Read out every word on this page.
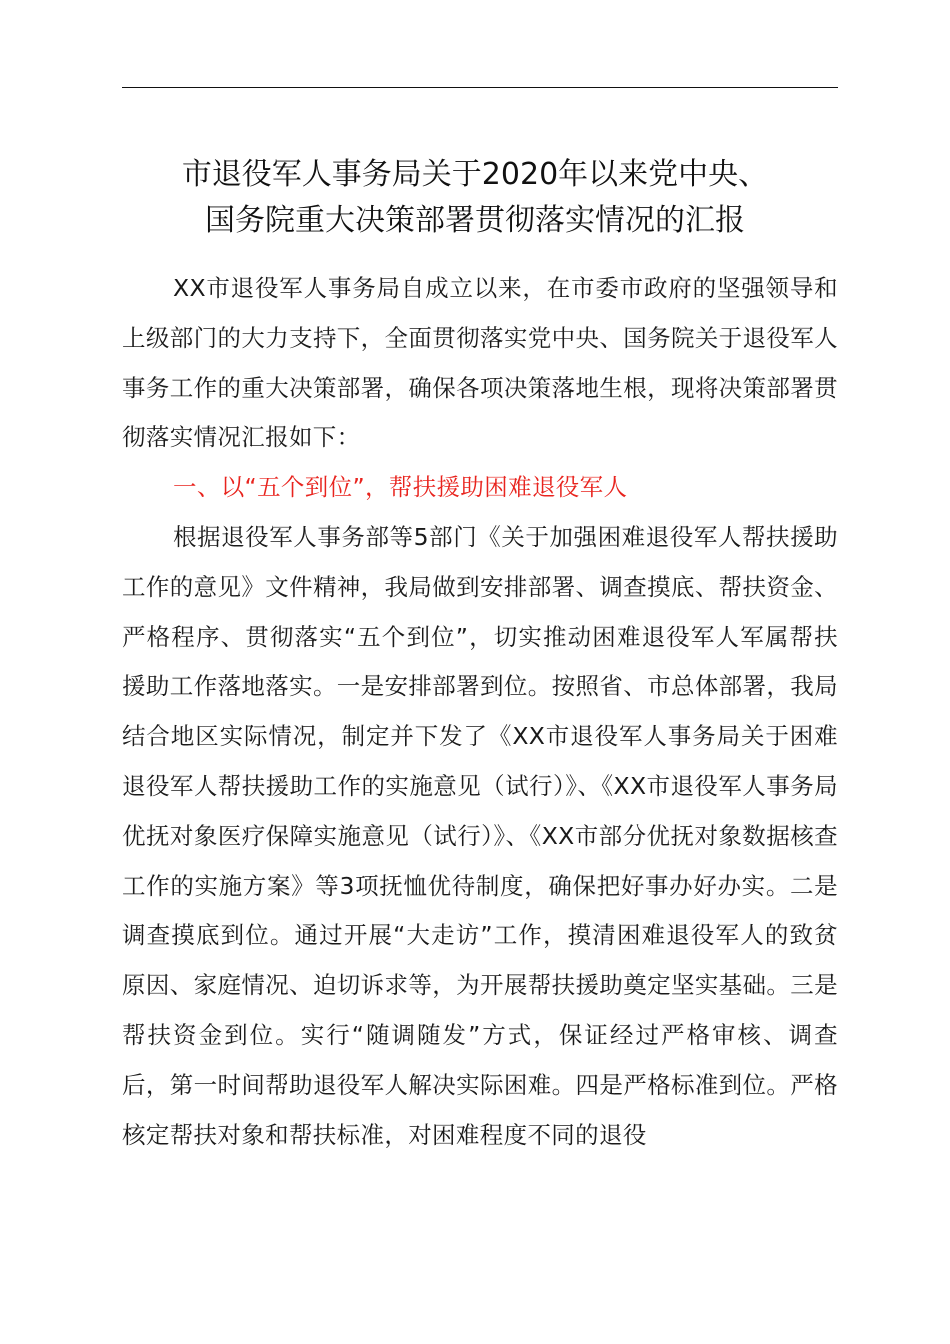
市退役军人事务局关于2020年以来党中央、
国务院重大决策部署贯彻落实情况的汇报

XX市退役军人事务局自成立以来，在市委市政府的坚强领导和上级部门的大力支持下，全面贯彻落实党中央、国务院关于退役军人事务工作的重大决策部署，确保各项决策落地生根，现将决策部署贯彻落实情况汇报如下：

一、以“五个到位”，帮扶援助困难退役军人

根据退役军人事务部等5部门《关于加强困难退役军人帮扶援助工作的意见》文件精神，我局做到安排部署、调查摸底、帮扶资金、严格程序、贯彻落实“五个到位”，切实推动困难退役军人军属帮扶援助工作落地落实。一是安排部署到位。按照省、市总体部署，我局结合地区实际情况，制定并下发了《XX市退役军人事务局关于困难退役军人帮扶援助工作的实施意见（试行）》、《XX市退役军人事务局优抚对象医疗保障实施意见（试行）》、《XX市部分优抚对象数据核查工作的实施方案》等3项抚恤优待制度，确保把好事办好办实。二是调查摸底到位。通过开展“大走访”工作，摸清困难退役军人的致贫原因、家庭情况、迫切诉求等，为开展帮扶援助奠定坚实基础。三是帮扶资金到位。实行“随调随发”方式，保证经过严格审核、调查后，第一时间帮助退役军人解决实际困难。四是严格标准到位。严格核定帮扶对象和帮扶标准，对困难程度不同的退役
